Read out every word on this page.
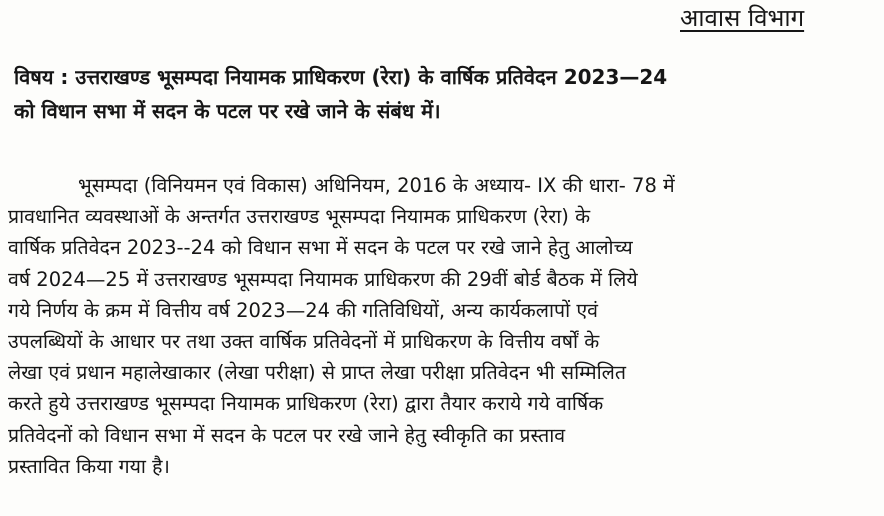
आवास विभाग
विषय : उत्तराखण्ड भूसम्पदा नियामक प्राधिकरण (रेरा) के वार्षिक प्रतिवेदन 2023—24
को विधान सभा में सदन के पटल पर रखे जाने के संबंध में।
भूसम्पदा (विनियमन एवं विकास) अधिनियम, 2016 के अध्याय- IX की धारा- 78 में
प्रावधानित व्यवस्थाओं के अन्तर्गत उत्तराखण्ड भूसम्पदा नियामक प्राधिकरण (रेरा) के
वार्षिक प्रतिवेदन 2023--24 को विधान सभा में सदन के पटल पर रखे जाने हेतु आलोच्य
वर्ष 2024—25 में उत्तराखण्ड भूसम्पदा नियामक प्राधिकरण की 29वीं बोर्ड बैठक में लिये
गये निर्णय के क्रम में वित्तीय वर्ष 2023—24 की गतिविधियों, अन्य कार्यकलापों एवं
उपलब्धियों के आधार पर तथा उक्त वार्षिक प्रतिवेदनों में प्राधिकरण के वित्तीय वर्षों के
लेखा एवं प्रधान महालेखाकार (लेखा परीक्षा) से प्राप्त लेखा परीक्षा प्रतिवेदन भी सम्मिलित
करते हुये उत्तराखण्ड भूसम्पदा नियामक प्राधिकरण (रेरा) द्वारा तैयार कराये गये वार्षिक
प्रतिवेदनों को विधान सभा में सदन के पटल पर रखे जाने हेतु स्वीकृति का प्रस्ताव
प्रस्तावित किया गया है।
